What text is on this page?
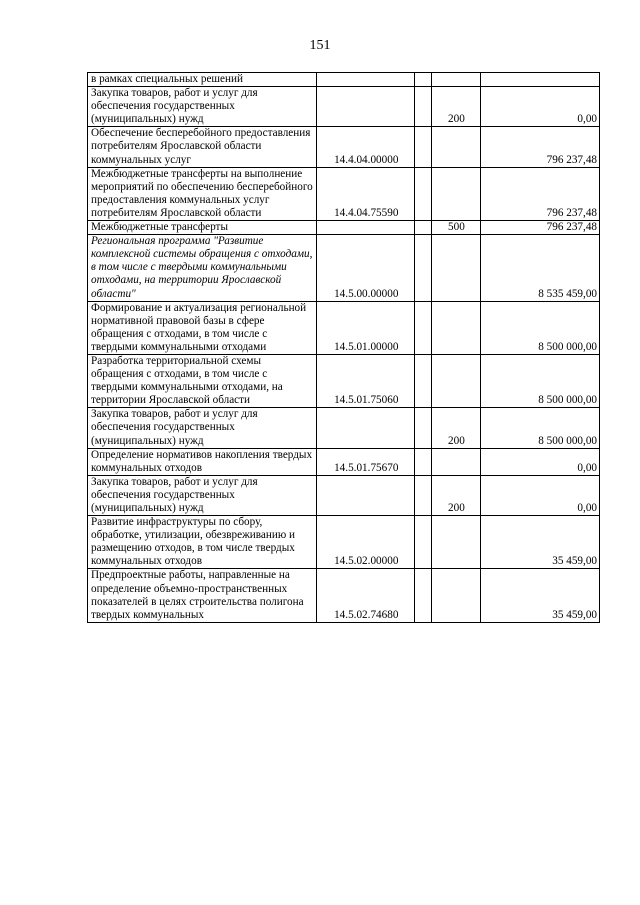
151
в рамках специальных решений				
Закупка товаров, работ и услуг для обеспечения государственных (муниципальных) нужд			200	0,00
Обеспечение бесперебойного предоставления потребителям Ярославской области коммунальных услуг	14.4.04.00000			796 237,48
Межбюджетные трансферты на выполнение мероприятий по обеспечению бесперебойного предоставления коммунальных услуг потребителям Ярославской области	14.4.04.75590			796 237,48
Межбюджетные трансферты			500	796 237,48
Региональная программа "Развитие комплексной системы обращения с отходами, в том числе с твердыми коммунальными отходами, на территории Ярославской области"	14.5.00.00000			8 535 459,00
Формирование и актуализация региональной нормативной правовой базы в сфере обращения с отходами, в том числе с твердыми коммунальными отходами	14.5.01.00000			8 500 000,00
Разработка территориальной схемы обращения с отходами, в том числе с твердыми коммунальными отходами, на территории Ярославской области	14.5.01.75060			8 500 000,00
Закупка товаров, работ и услуг для обеспечения государственных (муниципальных) нужд			200	8 500 000,00
Определение нормативов накопления твердых коммунальных отходов	14.5.01.75670			0,00
Закупка товаров, работ и услуг для обеспечения государственных (муниципальных) нужд			200	0,00
Развитие инфраструктуры по сбору, обработке, утилизации, обезвреживанию и размещению отходов, в том числе твердых коммунальных отходов	14.5.02.00000			35 459,00
Предпроектные работы, направленные на определение объемно-пространственных показателей в целях строительства полигона твердых коммунальных	14.5.02.74680			35 459,00
